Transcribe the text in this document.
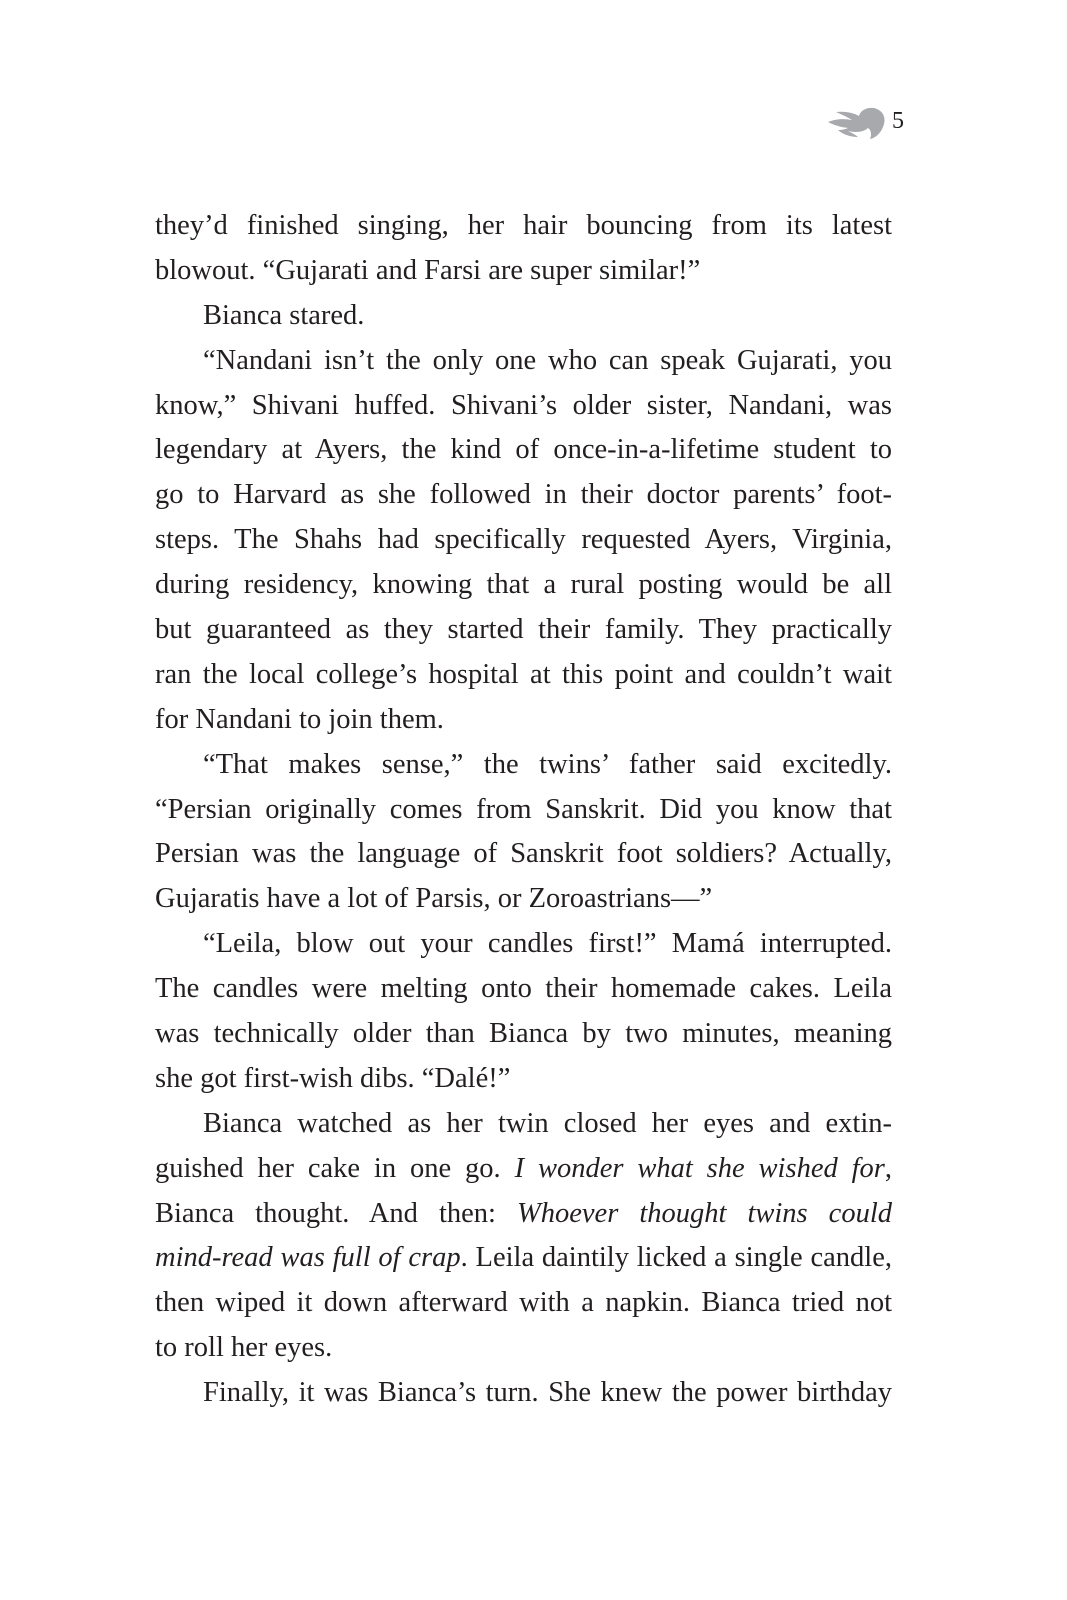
5
they’d finished singing, her hair bouncing from its latest
blowout. “Gujarati and Farsi are super similar!”
Bianca stared.
“Nandani isn’t the only one who can speak Gujarati, you
know,” Shivani huffed. Shivani’s older sister, Nandani, was
legendary at Ayers, the kind of once-in-a-lifetime student to
go to Harvard as she followed in their doctor parents’ foot-
steps. The Shahs had specifically requested Ayers, Virginia,
during residency, knowing that a rural posting would be all
but guaranteed as they started their family. They practically
ran the local college’s hospital at this point and couldn’t wait
for Nandani to join them.
“That makes sense,” the twins’ father said excitedly.
“Persian originally comes from Sanskrit. Did you know that
Persian was the language of Sanskrit foot soldiers? Actually,
Gujaratis have a lot of Parsis, or Zoroastrians—”
“Leila, blow out your candles first!” Mamá interrupted.
The candles were melting onto their homemade cakes. Leila
was technically older than Bianca by two minutes, meaning
she got first-wish dibs. “Dalé!”
Bianca watched as her twin closed her eyes and extin-
guished her cake in one go. I wonder what she wished for,
Bianca thought. And then: Whoever thought twins could
mind-read was full of crap. Leila daintily licked a single candle,
then wiped it down afterward with a napkin. Bianca tried not
to roll her eyes.
Finally, it was Bianca’s turn. She knew the power birthday
